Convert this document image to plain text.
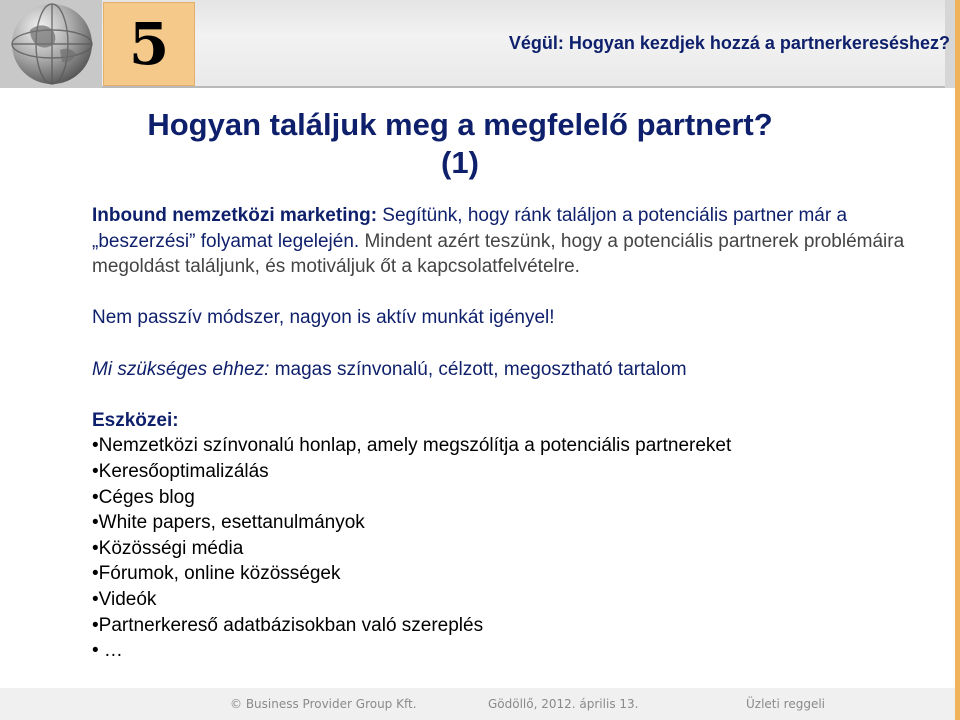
5	Végül: Hogyan kezdjek hozzá a partnerkereséshez?
Hogyan találjuk meg a megfelelő partnert?
(1)

Inbound nemzetközi marketing: Segítünk, hogy ránk találjon a potenciális partner már a „beszerzési” folyamat legelején. Mindent azért teszünk, hogy a potenciális partnerek problémáira megoldást találjunk, és motiváljuk őt a kapcsolatfelvételre.

Nem passzív módszer, nagyon is aktív munkát igényel!

Mi szükséges ehhez: magas színvonalú, célzott, megosztható tartalom

Eszközei:

• Nemzetközi színvonalú honlap, amely megszólítja a potenciális partnereket
• Keresőoptimalizálás
• Céges blog
• White papers, esettanulmányok
• Közösségi média
• Fórumok, online közösségek
• Videók
• Partnerkereső adatbázisokban való szereplés
• …
© Business Provider Group Kft.	Gödöllő, 2012. április 13.	Üzleti reggeli
